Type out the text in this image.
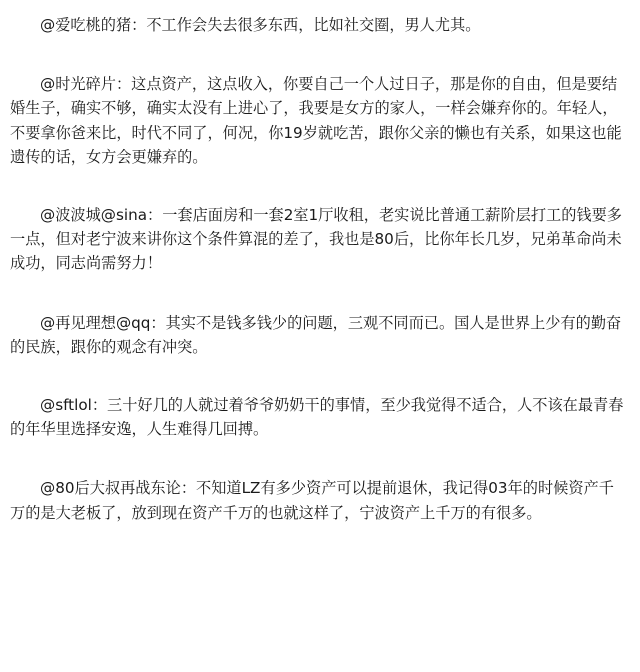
@爱吃桃的猪：不工作会失去很多东西，比如社交圈，男人尤其。

@时光碎片：这点资产，这点收入，你要自己一个人过日子，那是你的自由，但是要结婚生子，确实不够，确实太没有上进心了，我要是女方的家人，一样会嫌弃你的。年轻人，不要拿你爸来比，时代不同了，何况，你19岁就吃苦，跟你父亲的懒也有关系，如果这也能遗传的话，女方会更嫌弃的。

@波波城@sina：一套店面房和一套2室1厅收租，老实说比普通工薪阶层打工的钱要多一点，但对老宁波来讲你这个条件算混的差了，我也是80后，比你年长几岁，兄弟革命尚未成功，同志尚需努力！

@再见理想@qq：其实不是钱多钱少的问题，三观不同而已。国人是世界上少有的勤奋的民族，跟你的观念有冲突。

@sftlol：三十好几的人就过着爷爷奶奶干的事情，至少我觉得不适合，人不该在最青春的年华里选择安逸，人生难得几回搏。

@80后大叔再战东论：不知道LZ有多少资产可以提前退休，我记得03年的时候资产千万的是大老板了，放到现在资产千万的也就这样了，宁波资产上千万的有很多。
